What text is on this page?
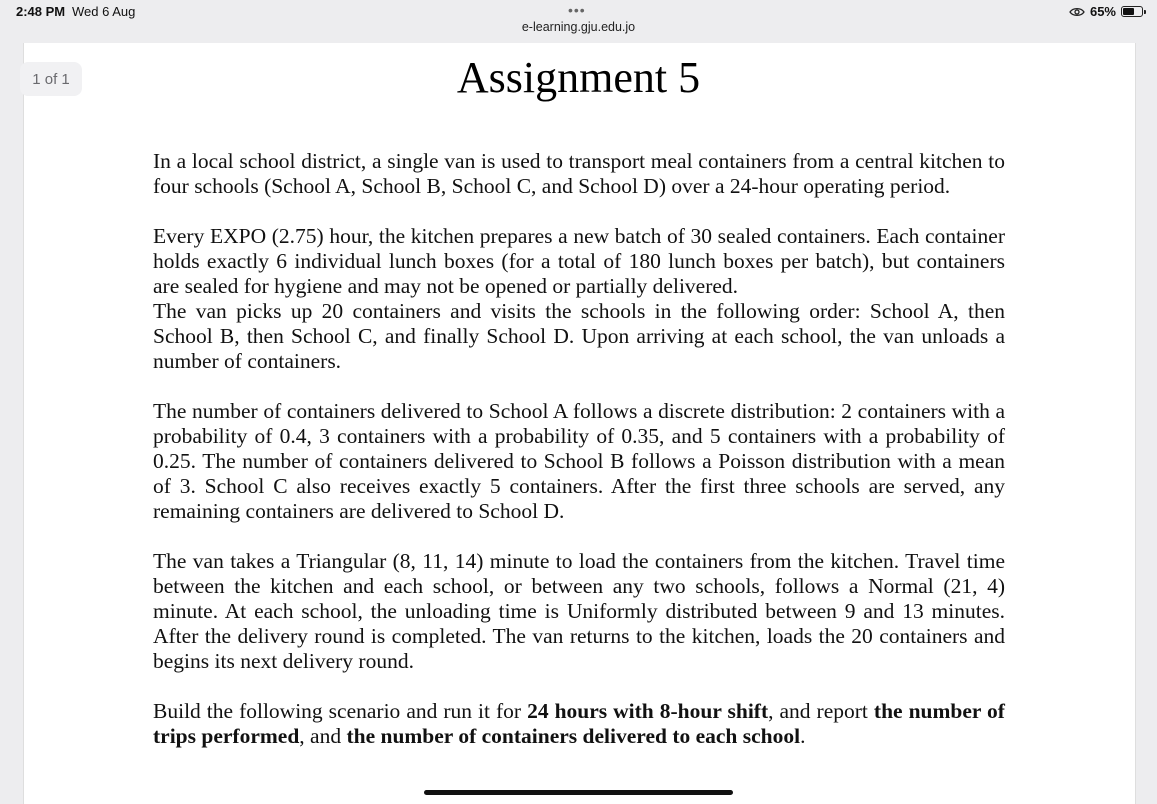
2:48 PM Wed 6 Aug	•••
e-learning.gju.edu.jo
65%
1 of 1	Assignment 5

In a local school district, a single van is used to transport meal containers from a central kitchen to four schools (School A, School B, School C, and School D) over a 24-hour operating period.

Every EXPO (2.75) hour, the kitchen prepares a new batch of 30 sealed containers. Each container holds exactly 6 individual lunch boxes (for a total of 180 lunch boxes per batch), but containers are sealed for hygiene and may not be opened or partially delivered.

The van picks up 20 containers and visits the schools in the following order: School A, then School B, then School C, and finally School D. Upon arriving at each school, the van unloads a number of containers.

The number of containers delivered to School A follows a discrete distribution: 2 containers with a probability of 0.4, 3 containers with a probability of 0.35, and 5 containers with a probability of 0.25. The number of containers delivered to School B follows a Poisson distribution with a mean of 3. School C also receives exactly 5 containers. After the first three schools are served, any remaining containers are delivered to School D.

The van takes a Triangular (8, 11, 14) minute to load the containers from the kitchen. Travel time between the kitchen and each school, or between any two schools, follows a Normal (21, 4) minute. At each school, the unloading time is Uniformly distributed between 9 and 13 minutes. After the delivery round is completed. The van returns to the kitchen, loads the 20 containers and begins its next delivery round.

Build the following scenario and run it for 24 hours with 8-hour shift, and report the number of trips performed, and the number of containers delivered to each school.
